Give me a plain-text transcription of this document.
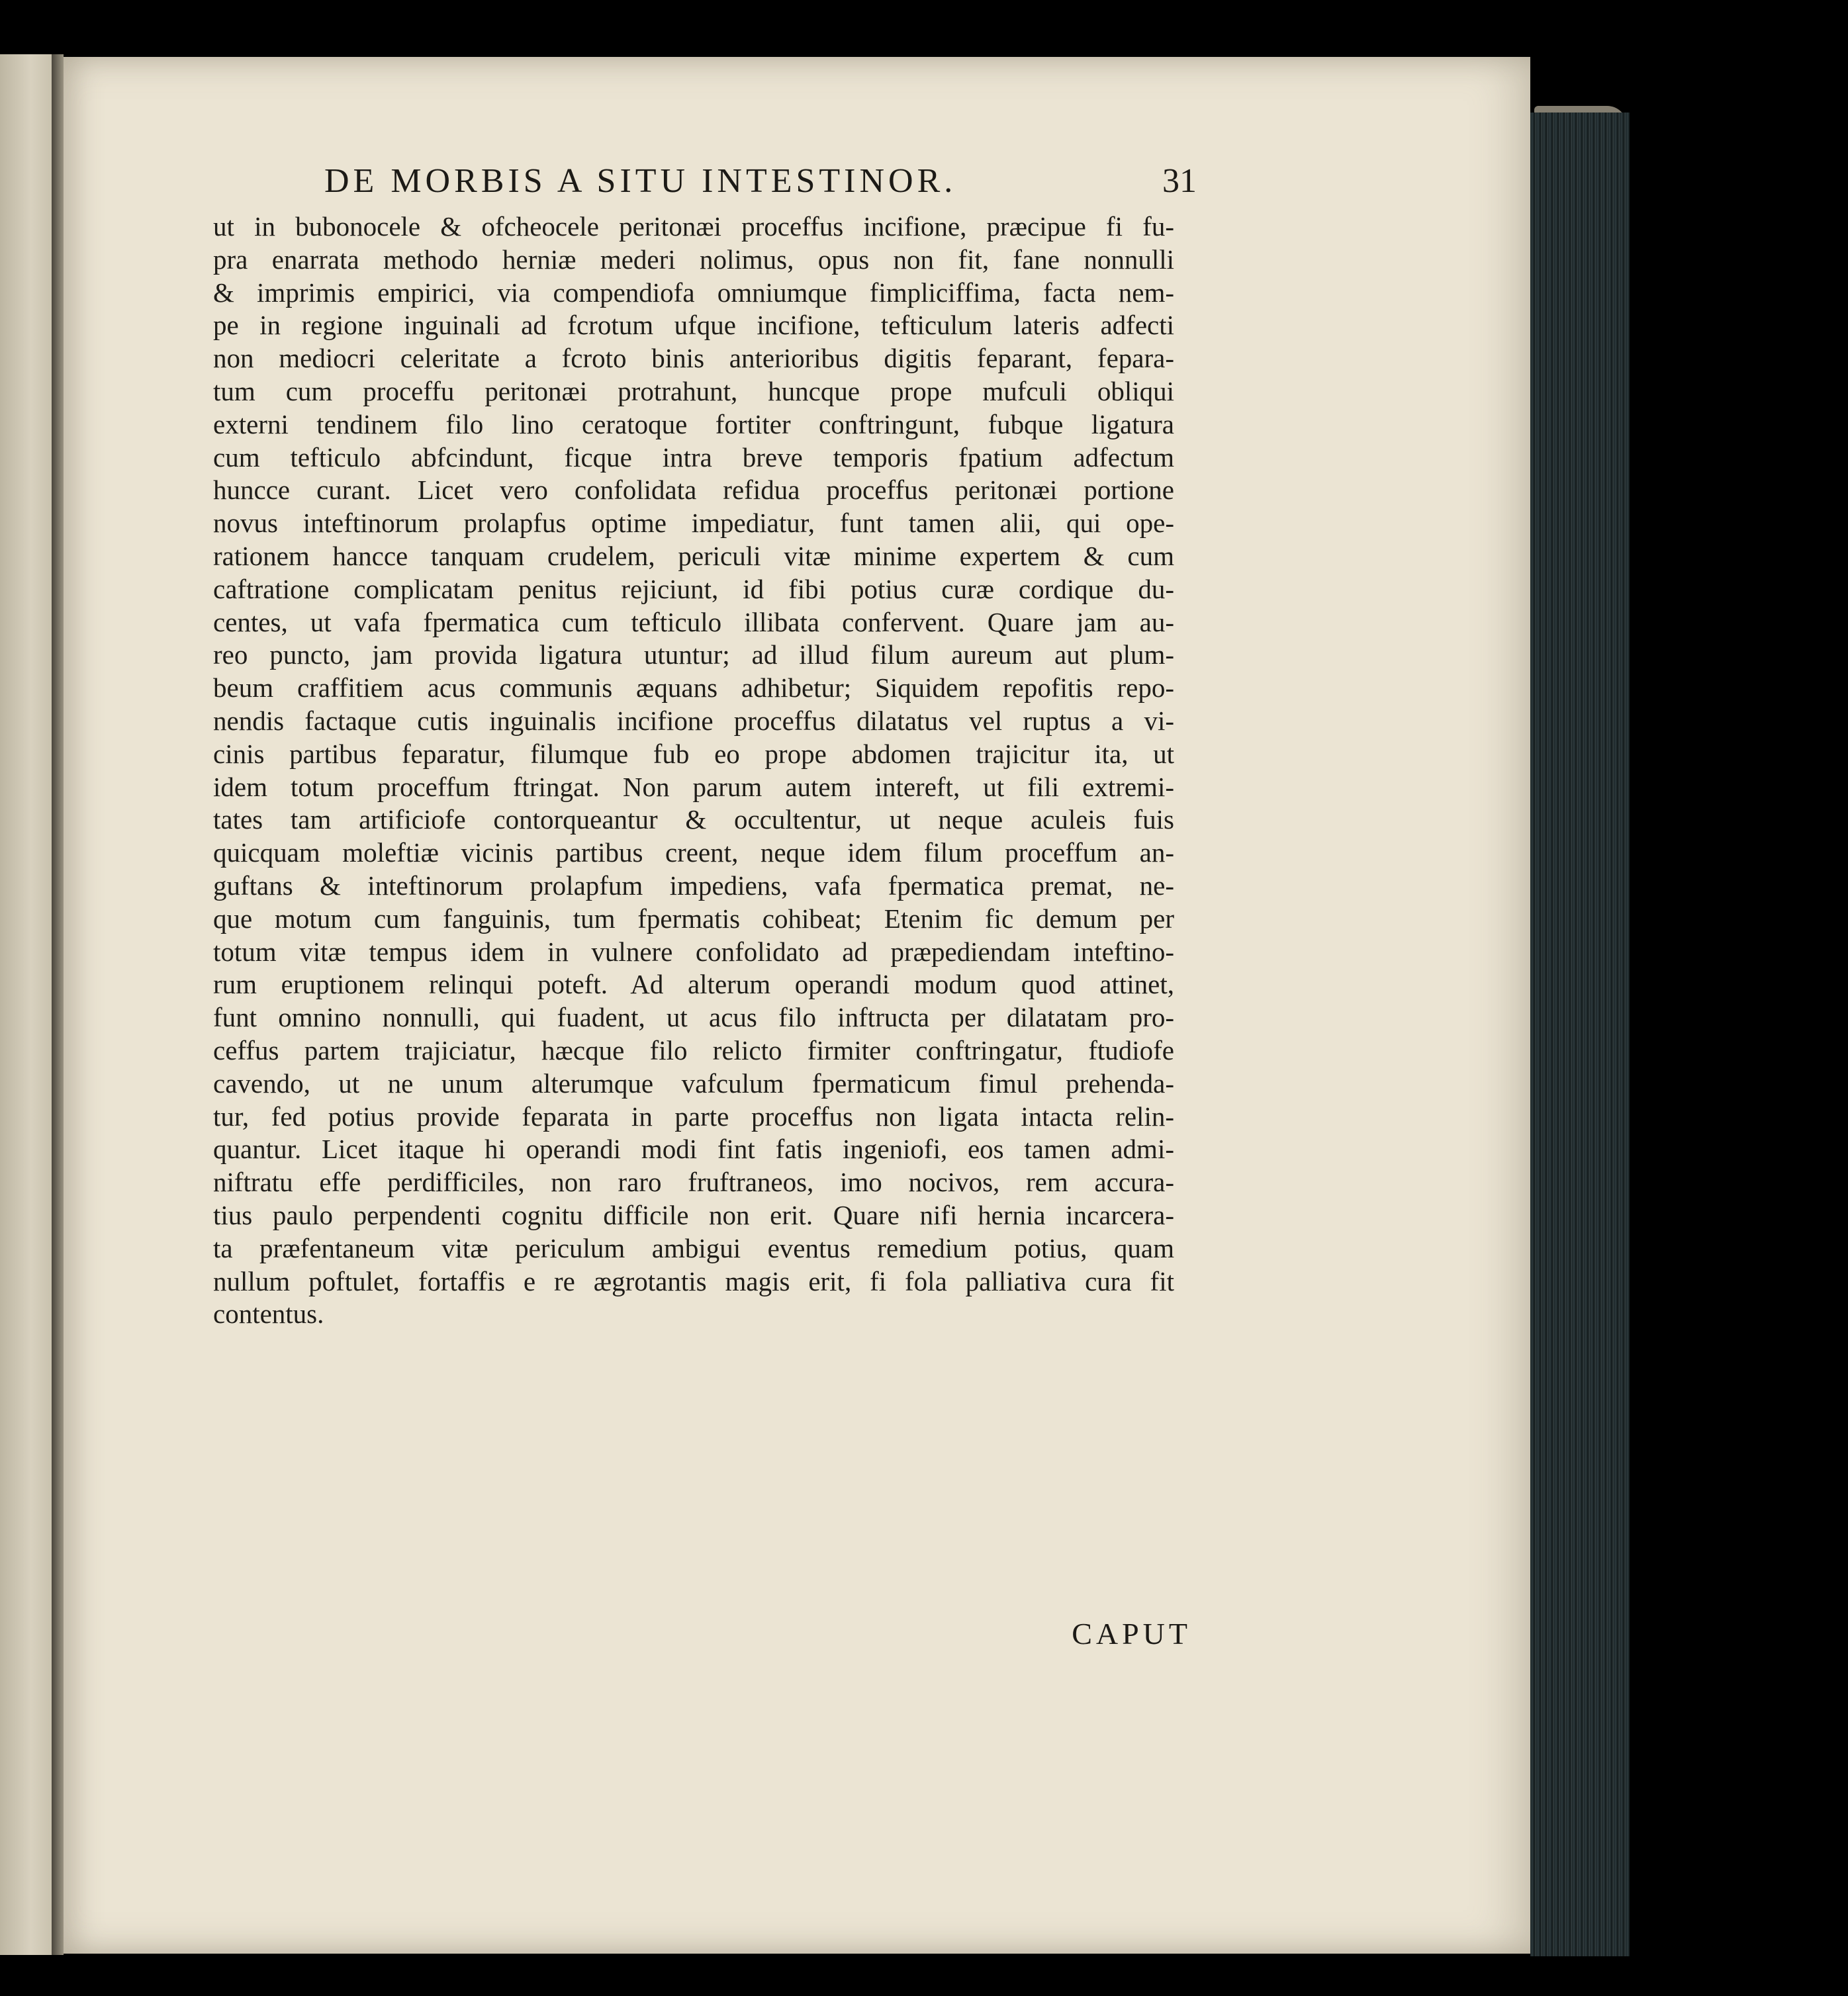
DE MORBIS A SITU INTESTINOR.	31
ut in bubonocele & ofcheocele peritonæi proceffus incifione, præcipue fi fu-
pra enarrata methodo herniæ mederi nolimus, opus non fit, fane nonnulli
& imprimis empirici, via compendiofa omniumque fimpliciffima, facta nem-
pe in regione inguinali ad fcrotum ufque incifione, tefticulum lateris adfecti
non mediocri celeritate a fcroto binis anterioribus digitis feparant, fepara-
tum cum proceffu peritonæi protrahunt, huncque prope mufculi obliqui
externi tendinem filo lino ceratoque fortiter conftringunt, fubque ligatura
cum tefticulo abfcindunt, ficque intra breve temporis fpatium adfectum
huncce curant. Licet vero confolidata refidua proceffus peritonæi portione
novus inteftinorum prolapfus optime impediatur, funt tamen alii, qui ope-
rationem hancce tanquam crudelem, periculi vitæ minime expertem & cum
caftratione complicatam penitus rejiciunt, id fibi potius curæ cordique du-
centes, ut vafa fpermatica cum tefticulo illibata confervent. Quare jam au-
reo puncto, jam provida ligatura utuntur; ad illud filum aureum aut plum-
beum craffitiem acus communis æquans adhibetur; Siquidem repofitis repo-
nendis factaque cutis inguinalis incifione proceffus dilatatus vel ruptus a vi-
cinis partibus feparatur, filumque fub eo prope abdomen trajicitur ita, ut
idem totum proceffum ftringat. Non parum autem intereft, ut fili extremi-
tates tam artificiofe contorqueantur & occultentur, ut neque aculeis fuis
quicquam moleftiæ vicinis partibus creent, neque idem filum proceffum an-
guftans & inteftinorum prolapfum impediens, vafa fpermatica premat, ne-
que motum cum fanguinis, tum fpermatis cohibeat; Etenim fic demum per
totum vitæ tempus idem in vulnere confolidato ad præpediendam inteftino-
rum eruptionem relinqui poteft. Ad alterum operandi modum quod attinet,
funt omnino nonnulli, qui fuadent, ut acus filo inftructa per dilatatam pro-
ceffus partem trajiciatur, hæcque filo relicto firmiter conftringatur, ftudiofe
cavendo, ut ne unum alterumque vafculum fpermaticum fimul prehenda-
tur, fed potius provide feparata in parte proceffus non ligata intacta relin-
quantur. Licet itaque hi operandi modi fint fatis ingeniofi, eos tamen admi-
niftratu effe perdifficiles, non raro fruftraneos, imo nocivos, rem accura-
tius paulo perpendenti cognitu difficile non erit. Quare nifi hernia incarcera-
ta præfentaneum vitæ periculum ambigui eventus remedium potius, quam
nullum poftulet, fortaffis e re ægrotantis magis erit, fi fola palliativa cura fit
contentus.
CAPUT
